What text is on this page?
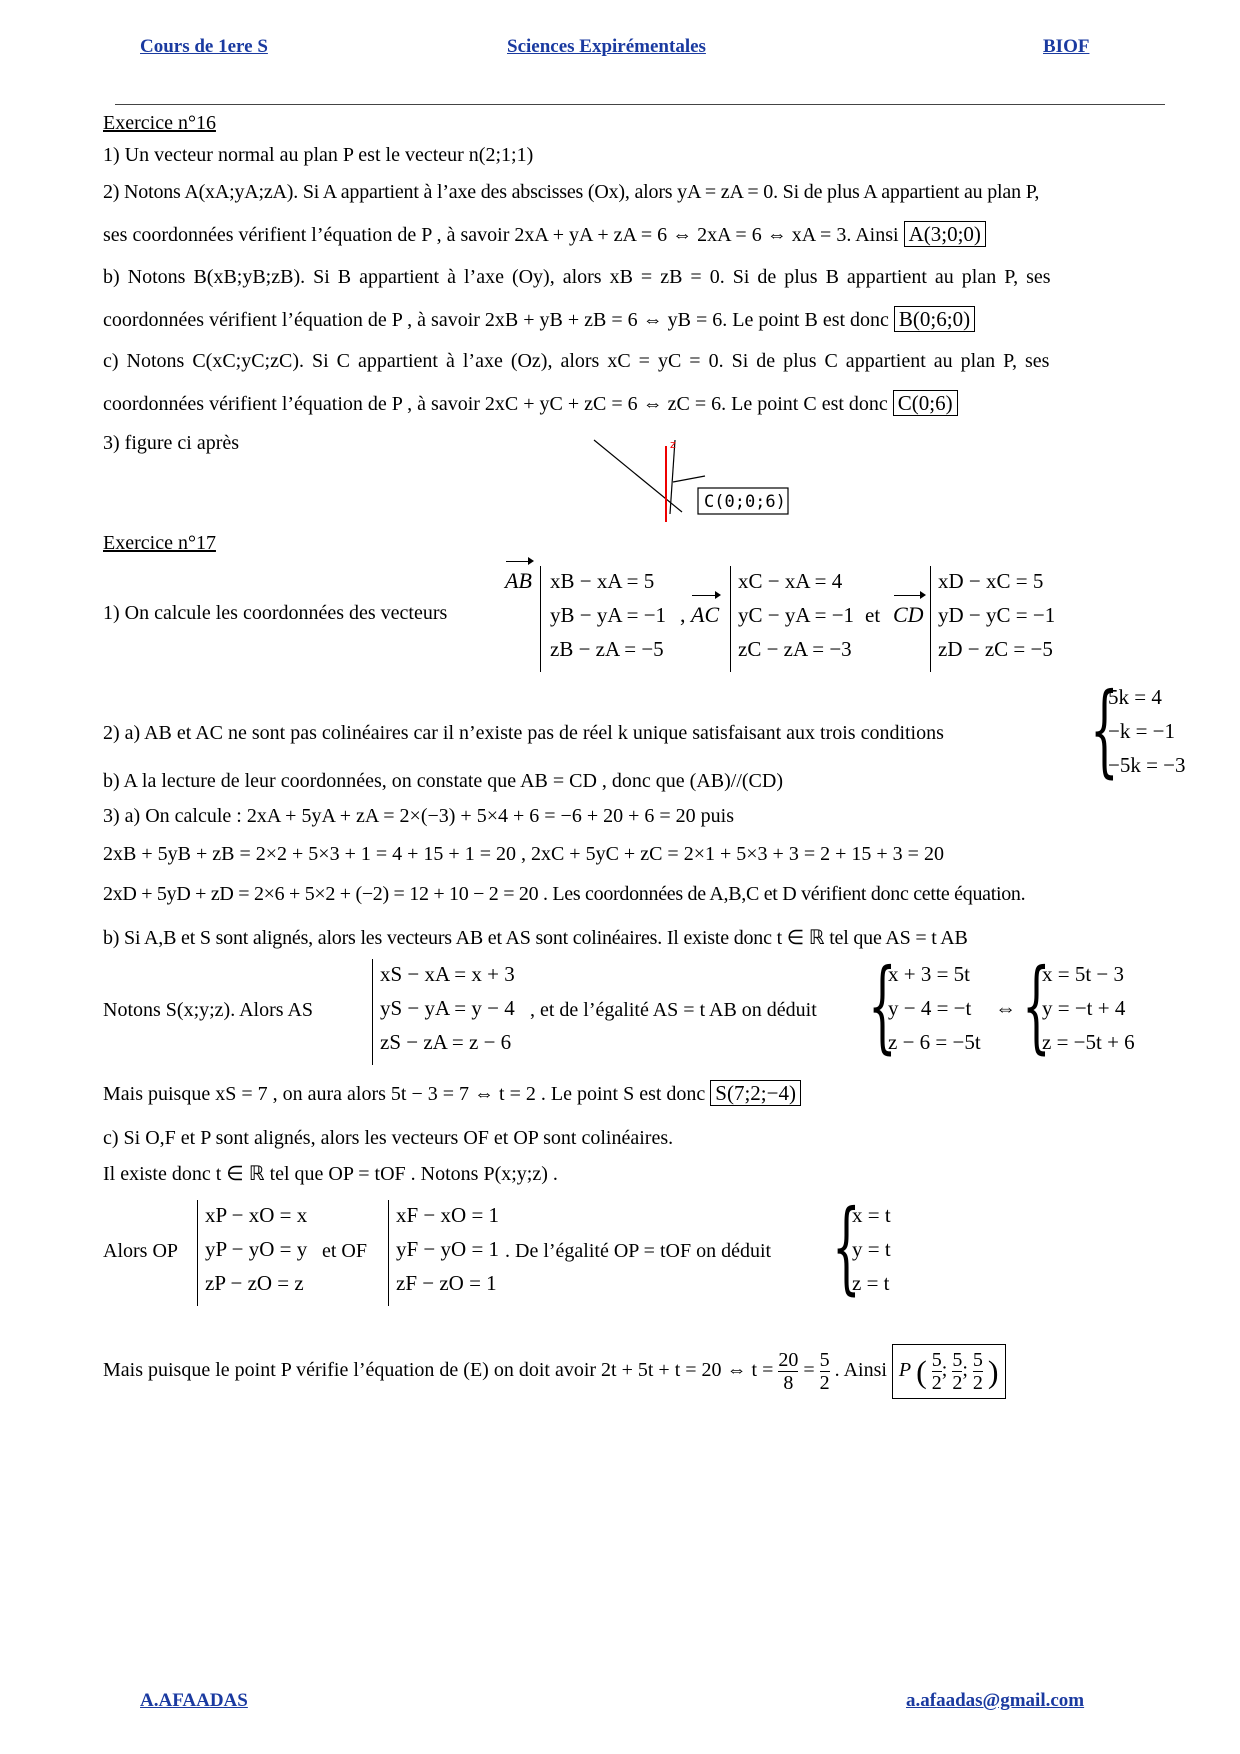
Cours de 1ere S	Sciences Expirémentales	BIOF
Exercice n°16
1) Un vecteur normal au plan P est le vecteur n(2;1;1)
2) Notons A(xA;yA;zA). Si A appartient à l’axe des abscisses (Ox), alors yA = zA = 0. Si de plus A appartient au plan P,
ses coordonnées vérifient l’équation de P , à savoir 2xA + yA + zA = 6 ⇔ 2xA = 6 ⇔ xA = 3. Ainsi A(3;0;0)
b) Notons B(xB;yB;zB). Si B appartient à l’axe (Oy), alors xB = zB = 0. Si de plus B appartient au plan P, ses
coordonnées vérifient l’équation de P , à savoir 2xB + yB + zB = 6 ⇔ yB = 6. Le point B est donc B(0;6;0)
c) Notons C(xC;yC;zC). Si C appartient à l’axe (Oz), alors xC = yC = 0. Si de plus C appartient au plan P, ses
coordonnées vérifient l’équation de P , à savoir 2xC + yC + zC = 6 ⇔ zC = 6. Le point C est donc C(0;6)
3) figure ci après	z
C(0;0;6)
Exercice n°17
1) On calcule les coordonnées des vecteurs
AB xB − xA = 5
yB − yA = −1
zB − zA = −5
, AC
xC − xA = 4
yC − yA = −1
zC − zA = −3
et CD
xD − xC = 5
yD − yC = −1
zD − zC = −5
2) a) AB et AC ne sont pas colinéaires car il n’existe pas de réel k unique satisfaisant aux trois conditions {
5k = 4
−k = −1
−5k = −3
b) A la lecture de leur coordonnées, on constate que AB = CD , donc que (AB)//(CD)
3) a) On calcule : 2xA + 5yA + zA = 2×(−3) + 5×4 + 6 = −6 + 20 + 6 = 20 puis
2xB + 5yB + zB = 2×2 + 5×3 + 1 = 4 + 15 + 1 = 20 , 2xC + 5yC + zC = 2×1 + 5×3 + 3 = 2 + 15 + 3 = 20
2xD + 5yD + zD = 2×6 + 5×2 + (−2) = 12 + 10 − 2 = 20 . Les coordonnées de A,B,C et D vérifient donc cette équation.
b) Si A,B et S sont alignés, alors les vecteurs AB et AS sont colinéaires. Il existe donc t ∈ ℝ tel que AS = t AB
Notons S(x;y;z). Alors AS
xS − xA = x + 3
yS − yA = y − 4
zS − zA = z − 6
, et de l’égalité AS = t AB on déduit {
x + 3 = 5t
y − 4 = −t
z − 6 = −5t
⇔ {
x = 5t − 3
y = −t + 4
z = −5t + 6
Mais puisque xS = 7 , on aura alors 5t − 3 = 7 ⇔ t = 2 . Le point S est donc S(7;2;−4)
c) Si O,F et P sont alignés, alors les vecteurs OF et OP sont colinéaires.
Il existe donc t ∈ ℝ tel que OP = tOF . Notons P(x;y;z) .
Alors OP
xP − xO = x
yP − yO = y
zP − zO = z
et OF
xF − xO = 1
yF − yO = 1
zF − zO = 1
. De l’égalité OP = tOF on déduit {
x = t
y = t
z = t
Mais puisque le point P vérifie l’équation de (E) on doit avoir 2t + 5t + t = 20 ⇔ $t = \frac{20}{8} = \frac{5}{2}$ . Ainsi P ( $\frac{5}{2}$ ; $\frac{5}{2}$ ; $\frac{5}{2}$ )
A.AFAADAS	a.afaadas@gmail.com
